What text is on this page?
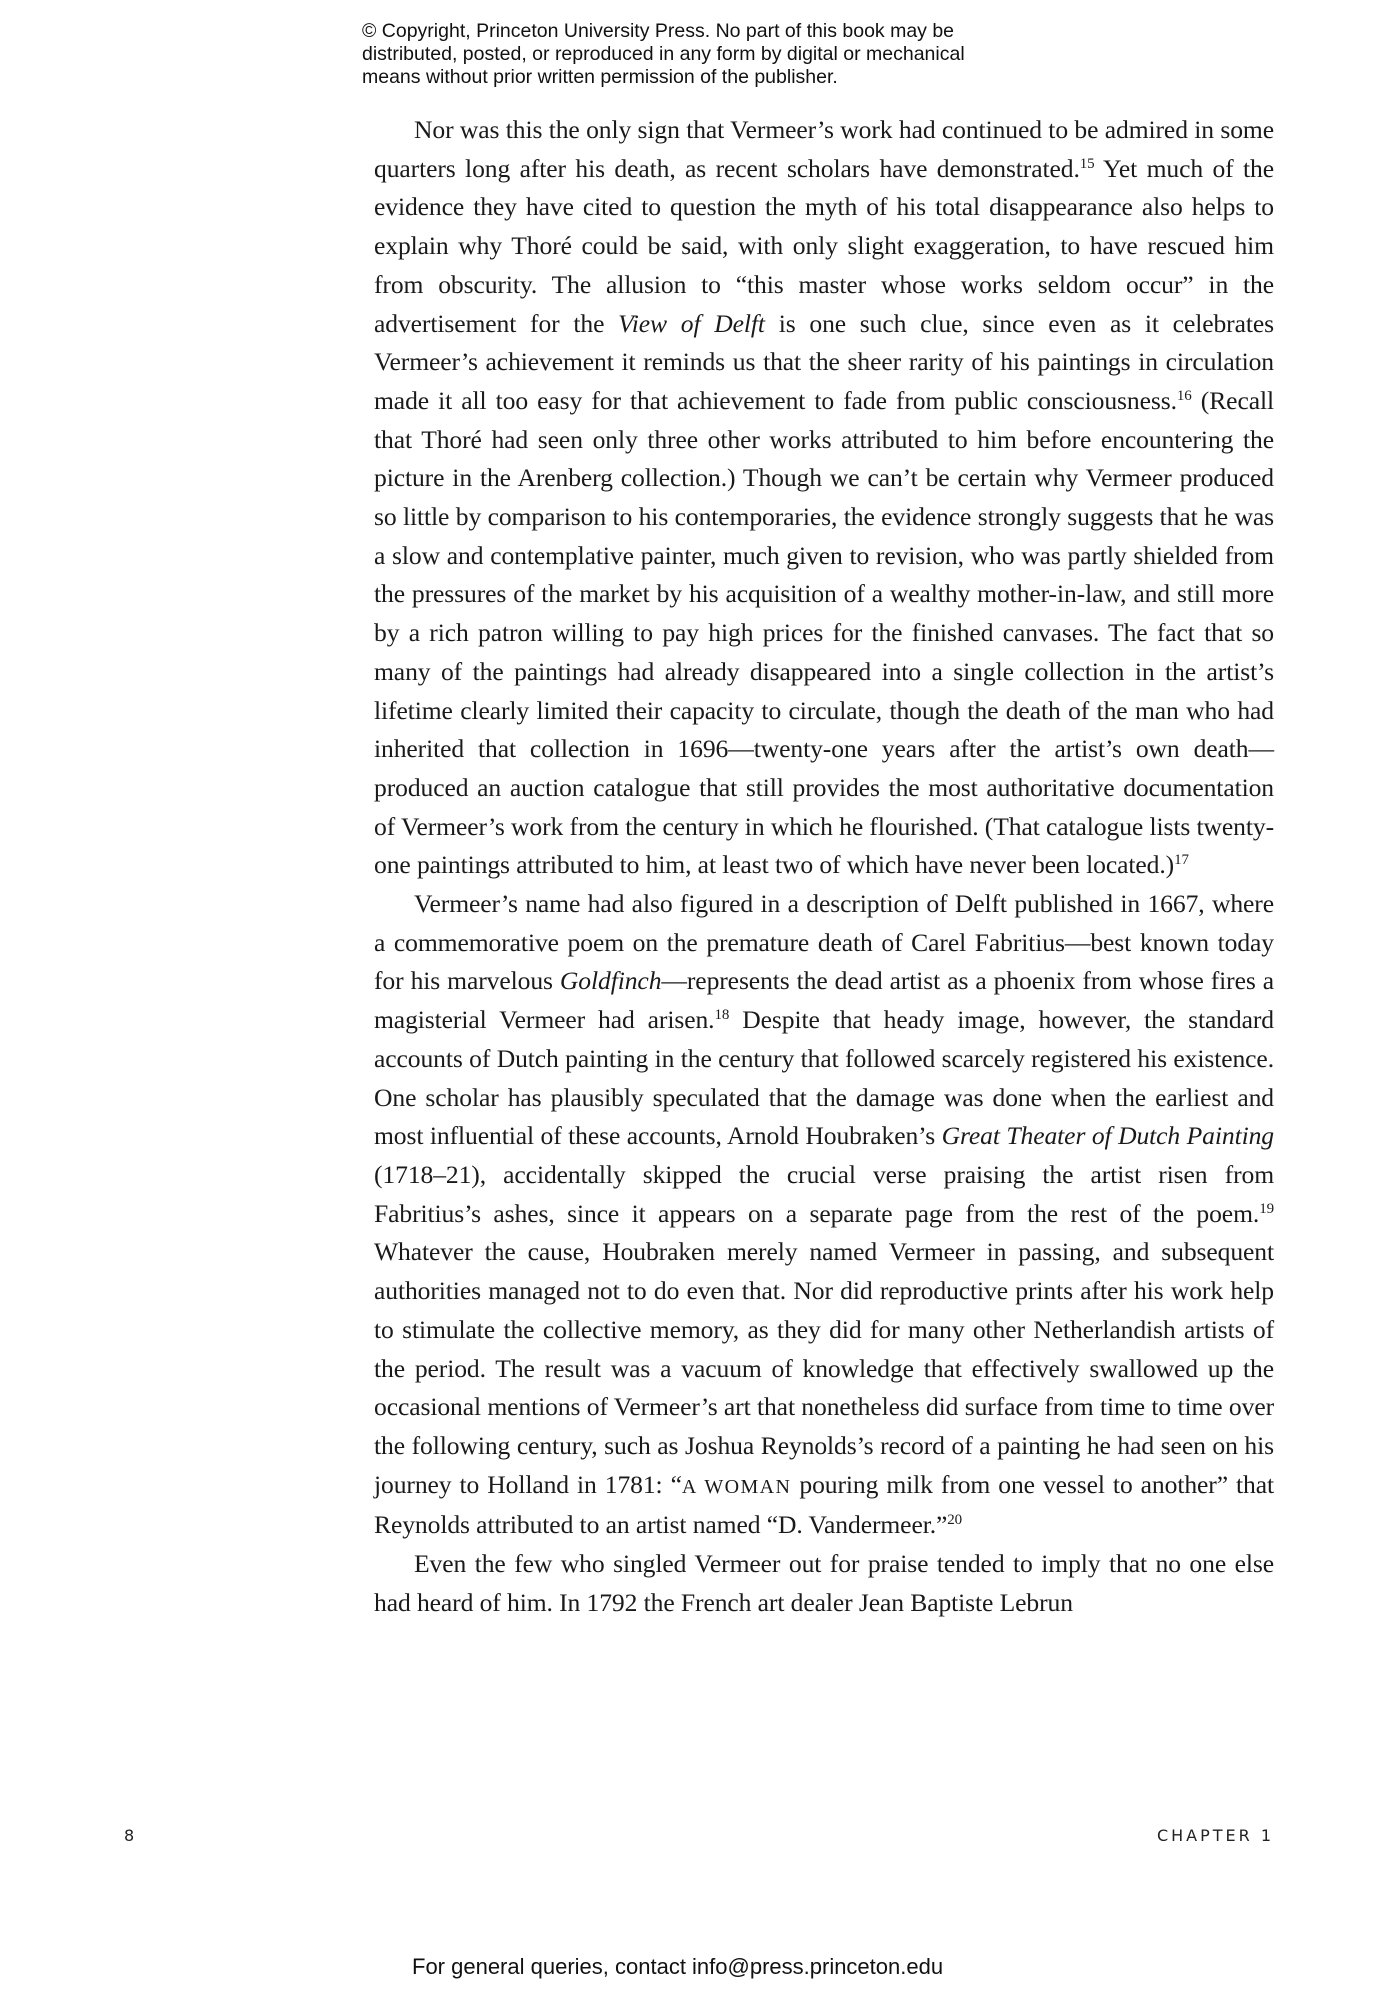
© Copyright, Princeton University Press. No part of this book may be
distributed, posted, or reproduced in any form by digital or mechanical
means without prior written permission of the publisher.

Nor was this the only sign that Vermeer’s work had continued to be admired in some quarters long after his death, as recent scholars have demonstrated.$^{15}$ Yet much of the evidence they have cited to question the myth of his total disappearance also helps to explain why Thoré could be said, with only slight exaggeration, to have rescued him from obscurity. The allusion to “this master whose works seldom occur” in the advertisement for the View of Delft is one such clue, since even as it celebrates Vermeer’s achievement it reminds us that the sheer rarity of his paintings in circulation made it all too easy for that achievement to fade from public consciousness.$^{16}$ (Recall that Thoré had seen only three other works attributed to him before encountering the picture in the Arenberg collection.) Though we can’t be certain why Vermeer produced so little by comparison to his contemporaries, the evidence strongly suggests that he was a slow and contemplative painter, much given to revision, who was partly shielded from the pressures of the market by his acquisition of a wealthy mother-in-law, and still more by a rich patron willing to pay high prices for the finished canvases. The fact that so many of the paintings had already disappeared into a single collection in the artist’s lifetime clearly limited their capacity to circulate, though the death of the man who had inherited that collection in 1696—twenty-one years after the artist’s own death—produced an auction catalogue that still provides the most authoritative documentation of Vermeer’s work from the century in which he flourished. (That catalogue lists twenty-one paintings attributed to him, at least two of which have never been located.)$^{17}$

Vermeer’s name had also figured in a description of Delft published in 1667, where a commemorative poem on the premature death of Carel Fabritius—best known today for his marvelous Goldfinch—represents the dead artist as a phoenix from whose fires a magisterial Vermeer had arisen.$^{18}$ Despite that heady image, however, the standard accounts of Dutch painting in the century that followed scarcely registered his existence. One scholar has plausibly speculated that the damage was done when the earliest and most influential of these accounts, Arnold Houbraken’s Great Theater of Dutch Painting (1718–21), accidentally skipped the crucial verse praising the artist risen from Fabritius’s ashes, since it appears on a separate page from the rest of the poem.$^{19}$ Whatever the cause, Houbraken merely named Vermeer in passing, and subsequent authorities managed not to do even that. Nor did reproductive prints after his work help to stimulate the collective memory, as they did for many other Netherlandish artists of the period. The result was a vacuum of knowledge that effectively swallowed up the occasional mentions of Vermeer’s art that nonetheless did surface from time to time over the following century, such as Joshua Reynolds’s record of a painting he had seen on his journey to Holland in 1781: “A WOMAN pouring milk from one vessel to another” that Reynolds attributed to an artist named “D. Vandermeer.”$^{20}$

Even the few who singled Vermeer out for praise tended to imply that no one else had heard of him. In 1792 the French art dealer Jean Baptiste Lebrun

8	CHAPTER 1
For general queries, contact info@press.princeton.edu
